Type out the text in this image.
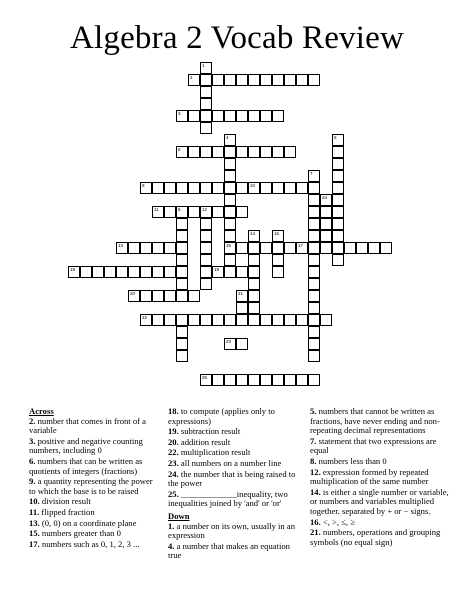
Algebra 2 Vocab Review
2
3
6
9	10
11	8	12
13	15	17
18	19
20
22
23
25
1
4	5
7
14	16
21
24
Across
2. number that comes in front of a variable
3. positive and negative counting numbers, including 0
6. numbers that can be written as quotients of integers (fractions)
9. a quantity representing the power to which the base is to be raised
10. division result
11. flipped fraction
13. (0, 0) on a coordinate plane
15. numbers greater than 0
17. numbers such as 0, 1, 2, 3 ...
18. to compute (applies only to expressions)
19. subtraction result
20. addition result
22. multiplication result
23. all numbers on a number line
24. the number that is being raised to the power
25. _____________inequality, two inequalities joined by 'and' or 'or'
Down
1. a number on its own, usually in an expression
4. a number that makes an equation true
5. numbers that cannot be written as fractions, have never ending and non-repeating decimal representations
7. statement that two expressions are equal
8. numbers less than 0
12. expression formed by repeated multiplication of the same number
14. is either a single number or variable, or numbers and variables multiplied together. separated by + or − signs.
16. <, >, ≤, ≥
21. numbers, operations and grouping symbols (no equal sign)
